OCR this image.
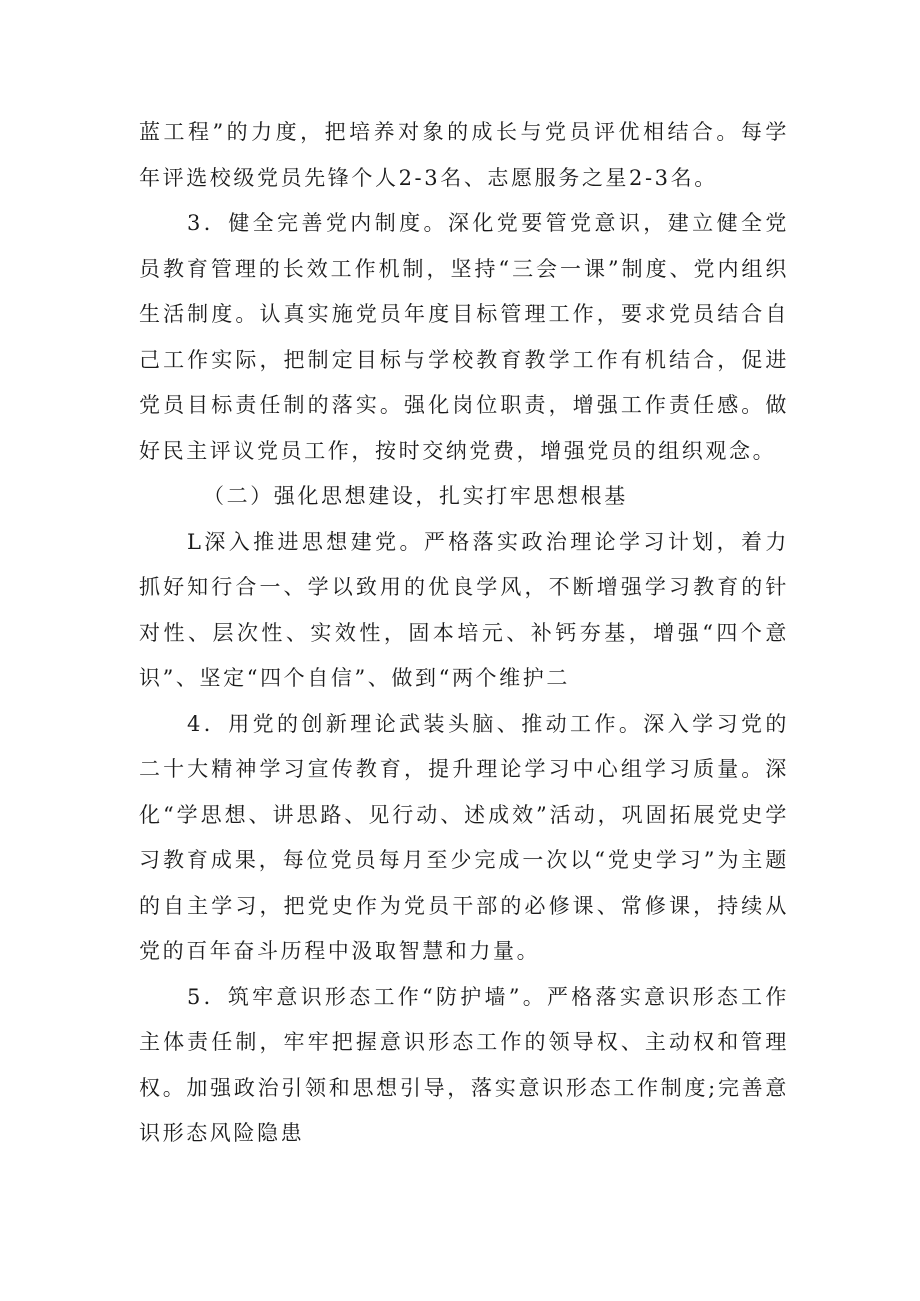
蓝工程”的力度，把培养对象的成长与党员评优相结合。每学年评选校级党员先锋个人2-3名、志愿服务之星2-3名。

3．健全完善党内制度。深化党要管党意识，建立健全党员教育管理的长效工作机制，坚持“三会一课”制度、党内组织生活制度。认真实施党员年度目标管理工作，要求党员结合自己工作实际，把制定目标与学校教育教学工作有机结合，促进党员目标责任制的落实。强化岗位职责，增强工作责任感。做好民主评议党员工作，按时交纳党费，增强党员的组织观念。

（二）强化思想建设，扎实打牢思想根基

L深入推进思想建党。严格落实政治理论学习计划，着力抓好知行合一、学以致用的优良学风，不断增强学习教育的针对性、层次性、实效性，固本培元、补钙夯基，增强“四个意识”、坚定“四个自信”、做到“两个维护二

4．用党的创新理论武装头脑、推动工作。深入学习党的二十大精神学习宣传教育，提升理论学习中心组学习质量。深化“学思想、讲思路、见行动、述成效”活动，巩固拓展党史学习教育成果，每位党员每月至少完成一次以“党史学习”为主题的自主学习，把党史作为党员干部的必修课、常修课，持续从党的百年奋斗历程中汲取智慧和力量。

5．筑牢意识形态工作“防护墙”。严格落实意识形态工作主体责任制，牢牢把握意识形态工作的领导权、主动权和管理权。加强政治引领和思想引导，落实意识形态工作制度;完善意识形态风险隐患
